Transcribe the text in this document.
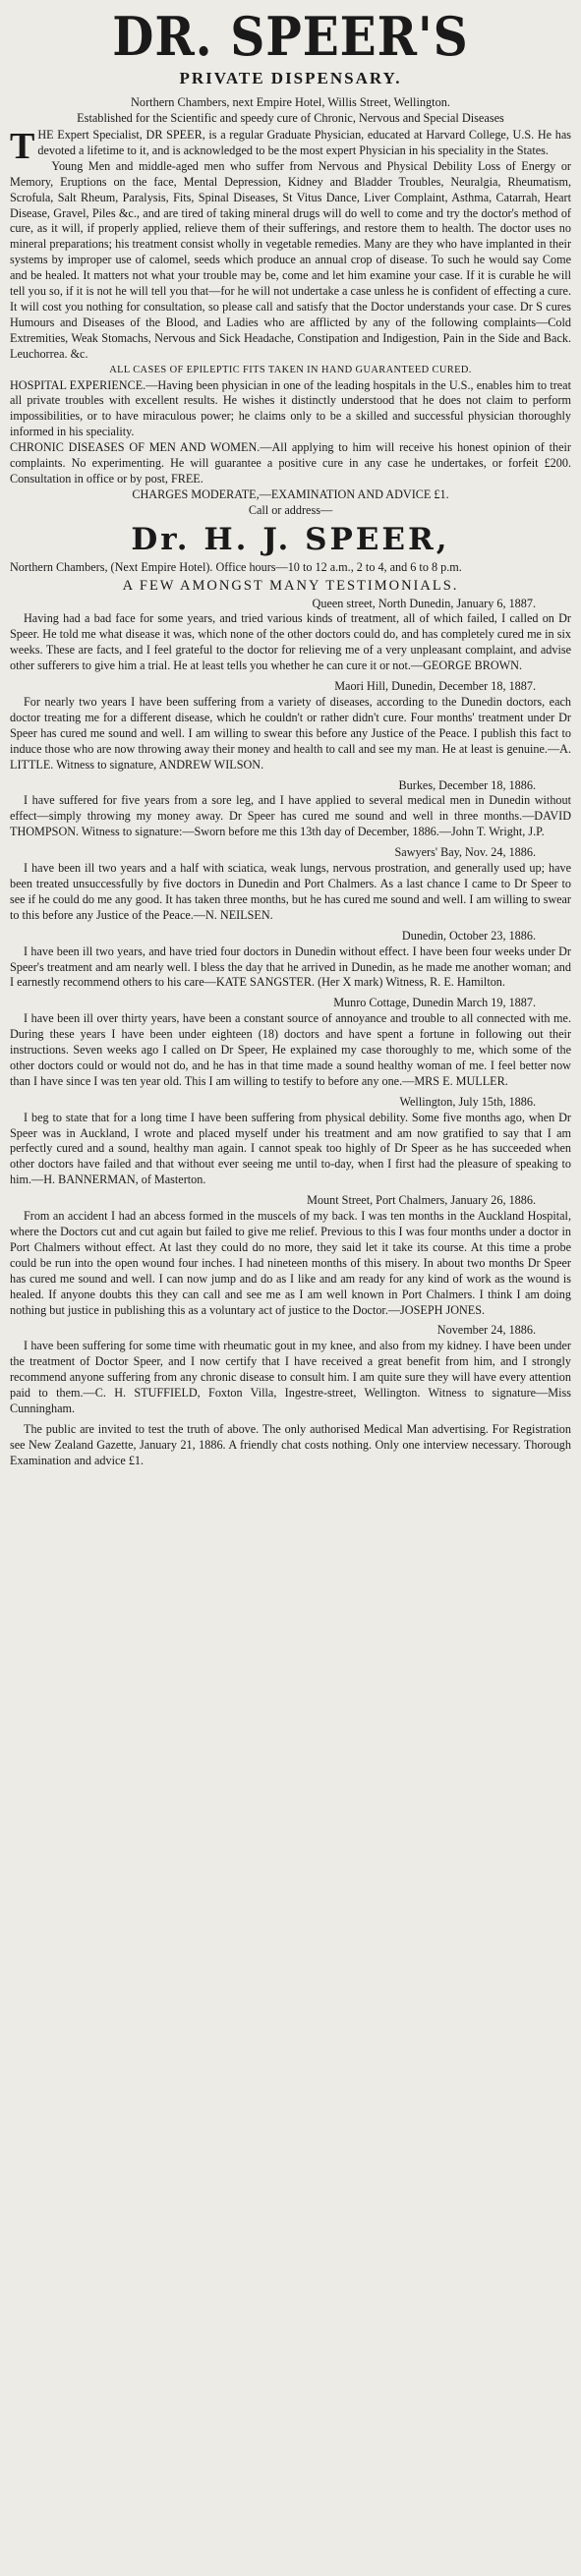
DR. SPEER'S
PRIVATE DISPENSARY.
Northern Chambers, next Empire Hotel, Willis Street, Wellington.
Established for the Scientific and speedy cure of Chronic, Nervous and Special Diseases

THE Expert Specialist, DR SPEER, is a regular Graduate Physician, educated at Harvard College, U.S. He has devoted a lifetime to it, and is acknowledged to be the most expert Physician in his speciality in the States.

Young Men and middle-aged men who suffer from Nervous and Physical Debility Loss of Energy or Memory, Eruptions on the face, Mental Depression, Kidney and Bladder Troubles, Neuralgia, Rheumatism, Scrofula, Salt Rheum, Paralysis, Fits, Spinal Diseases, St Vitus Dance, Liver Complaint, Asthma, Catarrah, Heart Disease, Gravel, Piles &c., and are tired of taking mineral drugs will do well to come and try the doctor's method of cure, as it will, if properly applied, relieve them of their sufferings, and restore them to health. The doctor uses no mineral preparations; his treatment consist wholly in vegetable remedies. Many are they who have implanted in their systems by improper use of calomel, seeds which produce an annual crop of disease. To such he would say Come and be healed. It matters not what your trouble may be, come and let him examine your case. If it is curable he will tell you so, if it is not he will tell you that—for he will not undertake a case unless he is confident of effecting a cure. It will cost you nothing for consultation, so please call and satisfy that the Doctor understands your case. Dr S cures Humours and Diseases of the Blood, and Ladies who are afflicted by any of the following complaints—Cold Extremities, Weak Stomachs, Nervous and Sick Headache, Constipation and Indigestion, Pain in the Side and Back. Leuchorrea. &c.

ALL CASES OF EPILEPTIC FITS TAKEN IN HAND GUARANTEED CURED.

HOSPITAL EXPERIENCE.—Having been physician in one of the leading hospitals in the U.S., enables him to treat all private troubles with excellent results. He wishes it distinctly understood that he does not claim to perform impossibilities, or to have miraculous power; he claims only to be a skilled and successful physician thoroughly informed in his speciality.

CHRONIC DISEASES OF MEN AND WOMEN.—All applying to him will receive his honest opinion of their complaints. No experimenting. He will guarantee a positive cure in any case he undertakes, or forfeit £200. Consultation in office or by post, FREE.

CHARGES MODERATE,—EXAMINATION AND ADVICE £1.

Call or address—

Dr. H. J. SPEER,

Northern Chambers, (Next Empire Hotel). Office hours—10 to 12 a.m., 2 to 4, and 6 to 8 p.m.

A FEW AMONGST MANY TESTIMONIALS.

Queen street, North Dunedin, January 6, 1887.

Having had a bad face for some years, and tried various kinds of treatment, all of which failed, I called on Dr Speer. He told me what disease it was, which none of the other doctors could do, and has completely cured me in six weeks. These are facts, and I feel grateful to the doctor for relieving me of a very unpleasant complaint, and advise other sufferers to give him a trial. He at least tells you whether he can cure it or not.—GEORGE BROWN.

Maori Hill, Dunedin, December 18, 1887.

For nearly two years I have been suffering from a variety of diseases, according to the Dunedin doctors, each doctor treating me for a different disease, which he couldn't or rather didn't cure. Four months' treatment under Dr Speer has cured me sound and well. I am willing to swear this before any Justice of the Peace. I publish this fact to induce those who are now throwing away their money and health to call and see my man. He at least is genuine.—A. LITTLE. Witness to signature, ANDREW WILSON.

Burkes, December 18, 1886.

I have suffered for five years from a sore leg, and I have applied to several medical men in Dunedin without effect—simply throwing my money away. Dr Speer has cured me sound and well in three months.—DAVID THOMPSON. Witness to signature:—Sworn before me this 13th day of December, 1886.—John T. Wright, J.P.

Sawyers' Bay, Nov. 24, 1886.

I have been ill two years and a half with sciatica, weak lungs, nervous prostration, and generally used up; have been treated unsuccessfully by five doctors in Dunedin and Port Chalmers. As a last chance I came to Dr Speer to see if he could do me any good. It has taken three months, but he has cured me sound and well. I am willing to swear to this before any Justice of the Peace.—N. NEILSEN.

Dunedin, October 23, 1886.

I have been ill two years, and have tried four doctors in Dunedin without effect. I have been four weeks under Dr Speer's treatment and am nearly well. I bless the day that he arrived in Dunedin, as he made me another woman; and I earnestly recommend others to his care—KATE SANGSTER. (Her X mark) Witness, R. E. Hamilton.

Munro Cottage, Dunedin March 19, 1887.

I have been ill over thirty years, have been a constant source of annoyance and trouble to all connected with me. During these years I have been under eighteen (18) doctors and have spent a fortune in following out their instructions. Seven weeks ago I called on Dr Speer, He explained my case thoroughly to me, which some of the other doctors could or would not do, and he has in that time made a sound healthy woman of me. I feel better now than I have since I was ten year old. This I am willing to testify to before any one.—MRS E. MULLER.

Wellington, July 15th, 1886.

I beg to state that for a long time I have been suffering from physical debility. Some five months ago, when Dr Speer was in Auckland, I wrote and placed myself under his treatment and am now gratified to say that I am perfectly cured and a sound, healthy man again. I cannot speak too highly of Dr Speer as he has succeeded when other doctors have failed and that without ever seeing me until to-day, when I first had the pleasure of speaking to him.—H. BANNERMAN, of Masterton.

Mount Street, Port Chalmers, January 26, 1886.

From an accident I had an abcess formed in the muscels of my back. I was ten months in the Auckland Hospital, where the Doctors cut and cut again but failed to give me relief. Previous to this I was four months under a doctor in Port Chalmers without effect. At last they could do no more, they said let it take its course. At this time a probe could be run into the open wound four inches. I had nineteen months of this misery. In about two months Dr Speer has cured me sound and well. I can now jump and do as I like and am ready for any kind of work as the wound is healed. If anyone doubts this they can call and see me as I am well known in Port Chalmers. I think I am doing nothing but justice in publishing this as a voluntary act of justice to the Doctor.—JOSEPH JONES.

November 24, 1886.

I have been suffering for some time with rheumatic gout in my knee, and also from my kidney. I have been under the treatment of Doctor Speer, and I now certify that I have received a great benefit from him, and I strongly recommend anyone suffering from any chronic disease to consult him. I am quite sure they will have every attention paid to them.—C. H. STUFFIELD, Foxton Villa, Ingestre-street, Wellington. Witness to signature—Miss Cunningham.

The public are invited to test the truth of above. The only authorised Medical Man advertising. For Registration see New Zealand Gazette, January 21, 1886. A friendly chat costs nothing. Only one interview necessary. Thorough Examination and advice £1.
